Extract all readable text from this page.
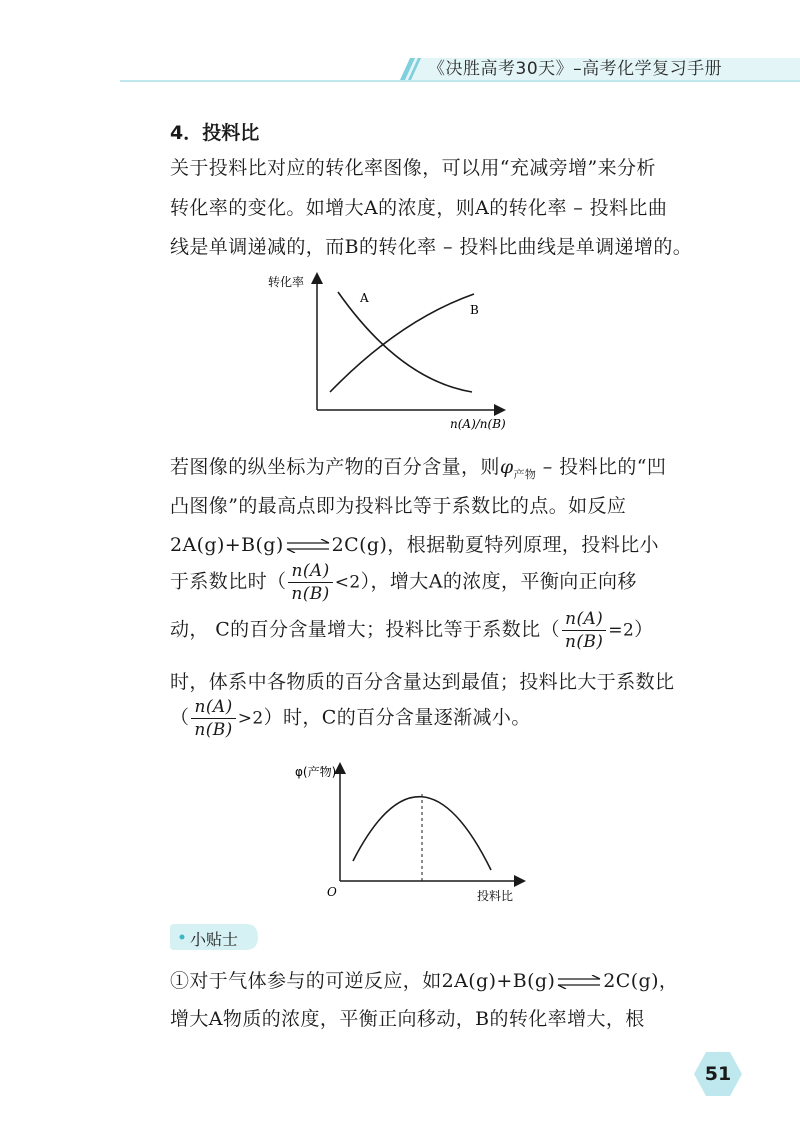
《决胜高考30天》–高考化学复习手册
4．投料比
关于投料比对应的转化率图像，可以用“充减旁增”来分析
转化率的变化。如增大A的浓度，则A的转化率 – 投料比曲
线是单调递减的，而B的转化率 – 投料比曲线是单调递增的。
转化率
A
B
n(A)/n(B)
若图像的纵坐标为产物的百分含量，则$\varphi_{产物}$ – 投料比的“凹
凸图像”的最高点即为投料比等于系数比的点。如反应
2A(g)+B(g)⇌2C(g)，根据勒夏特列原理，投料比小
于系数比时（ $\frac{n(A)}{n(B)} <2$），增大A的浓度，平衡向正向移
动， C的百分含量增大；投料比等于系数比（ $\frac{n(A)}{n(B)} =2$）
时，体系中各物质的百分含量达到最值；投料比大于系数比
（ $\frac{n(A)}{n(B)} >2$）时，C的百分含量逐渐减小。
φ(产物)
O	投料比
小贴士
①对于气体参与的可逆反应，如2A(g)+B(g)⇌2C(g)，
增大A物质的浓度，平衡正向移动，B的转化率增大，根
51
